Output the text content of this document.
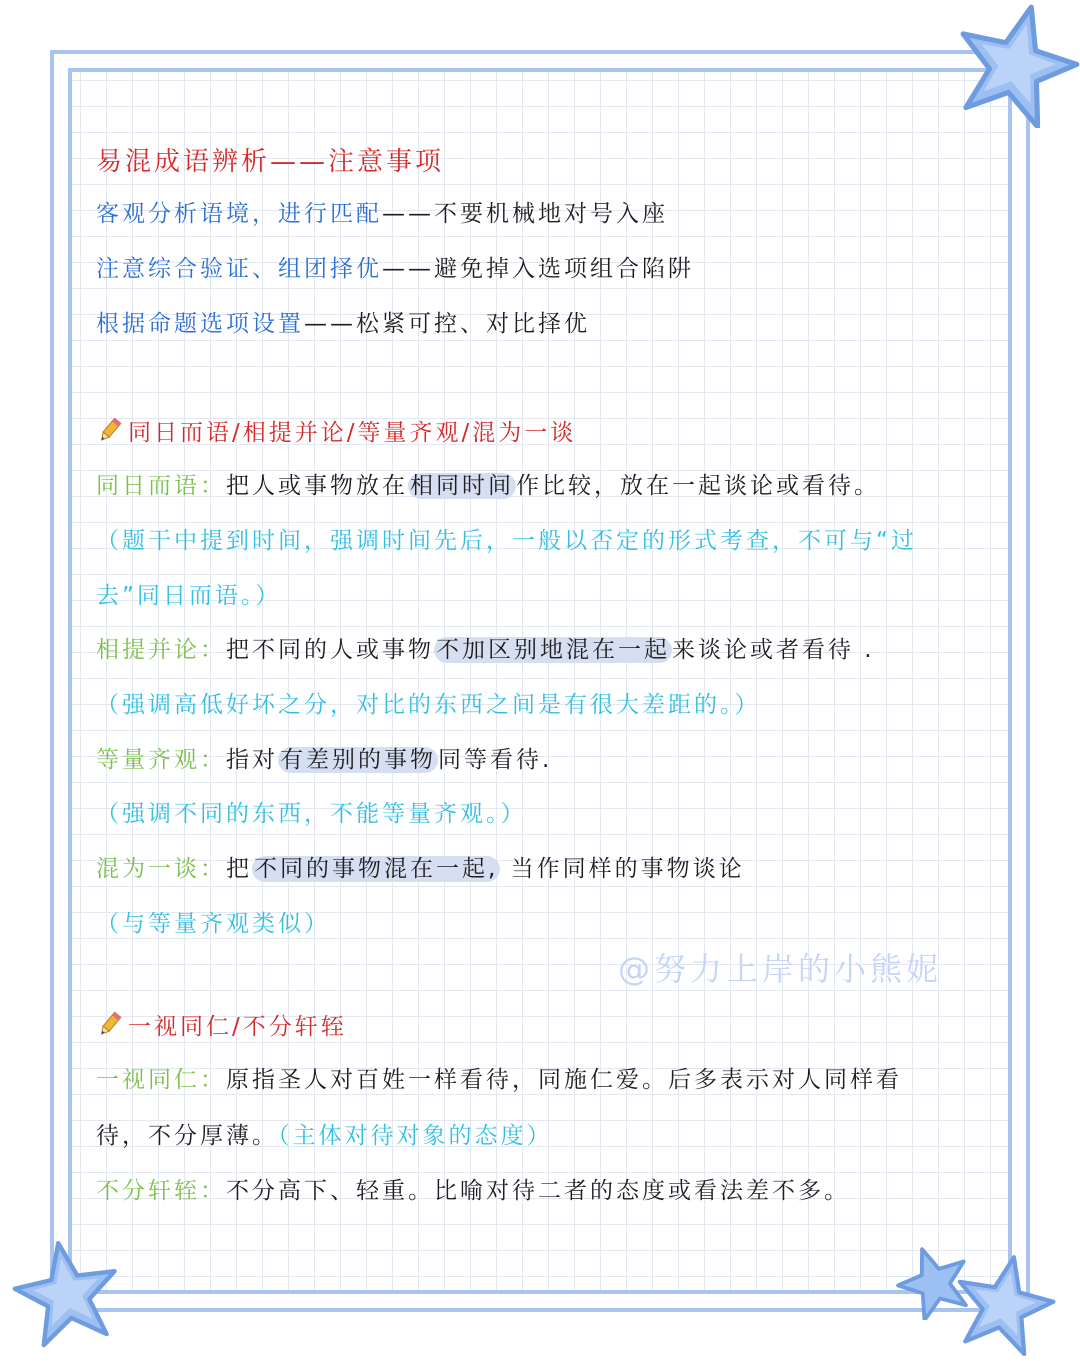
易混成语辨析——注意事项
客观分析语境，进行匹配——不要机械地对号入座
注意综合验证、组团择优——避免掉入选项组合陷阱
根据命题选项设置——松紧可控、对比择优
同日而语/相提并论/等量齐观/混为一谈
同日而语：把人或事物放在相同时间作比较，放在一起谈论或看待。
（题干中提到时间，强调时间先后，一般以否定的形式考查，不可与“过
去”同日而语。）
相提并论：把不同的人或事物不加区别地混在一起来谈论或者看待 .
（强调高低好坏之分，对比的东西之间是有很大差距的。）
等量齐观：指对有差别的事物同等看待.
（强调不同的东西，不能等量齐观。）
混为一谈：把不同的事物混在一起, 当作同样的事物谈论
（与等量齐观类似）
@努力上岸的小熊妮
一视同仁/不分轩轾
一视同仁：原指圣人对百姓一样看待，同施仁爱。后多表示对人同样看
待，不分厚薄。（主体对待对象的态度）
不分轩轾：不分高下、轻重。比喻对待二者的态度或看法差不多。
